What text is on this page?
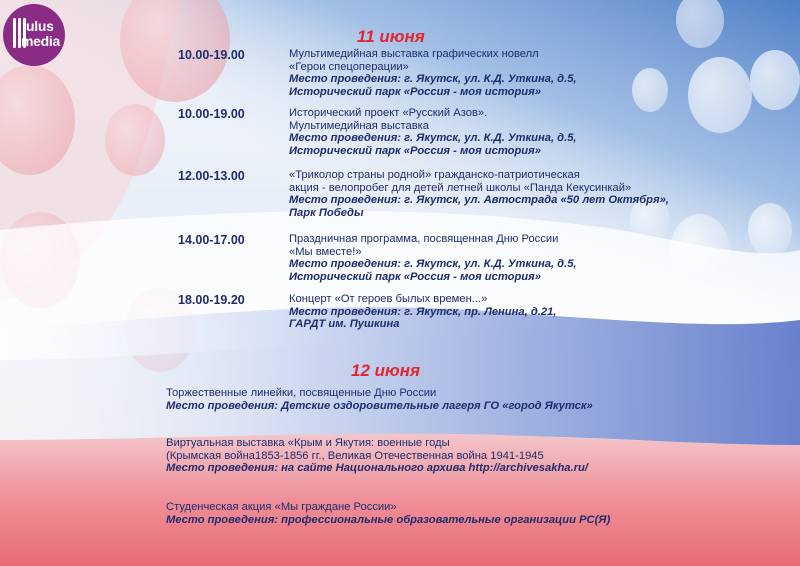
ulus
media	11 июня
10.00-19.00	Мультимедийная выставка графических новелл
«Герои спецоперации»
Место проведения: г. Якутск, ул. К.Д. Уткина, д.5,
Исторический парк «Россия - моя история»
10.00-19.00	Исторический проект «Русский Азов».
Мультимедийная выставка
Место проведения: г. Якутск, ул. К.Д. Уткина, д.5,
Исторический парк «Россия - моя история»
12.00-13.00	«Триколор страны родной» гражданско-патриотическая
акция - велопробег для детей летней школы «Панда Кекусинкай»
Место проведения: г. Якутск, ул. Автострада «50 лет Октября»,
Парк Победы
14.00-17.00	Праздничная программа, посвященная Дню России
«Мы вместе!»
Место проведения: г. Якутск, ул. К.Д. Уткина, д.5,
Исторический парк «Россия - моя история»
18.00-19.20	Концерт «От героев былых времен...»
Место проведения: г. Якутск, пр. Ленина, д.21,
ГАРДТ им. Пушкина
12 июня
Торжественные линейки, посвященные Дню России
Место проведения: Детские оздоровительные лагеря ГО «город Якутск»
Виртуальная выставка «Крым и Якутия: военные годы
(Крымская война1853-1856 гг., Великая Отечественная война 1941-1945
Место проведения: на сайте Национального архива http://archivesakha.ru/
Студенческая акция «Мы граждане России»
Место проведения: профессиональные образовательные организации РС(Я)
